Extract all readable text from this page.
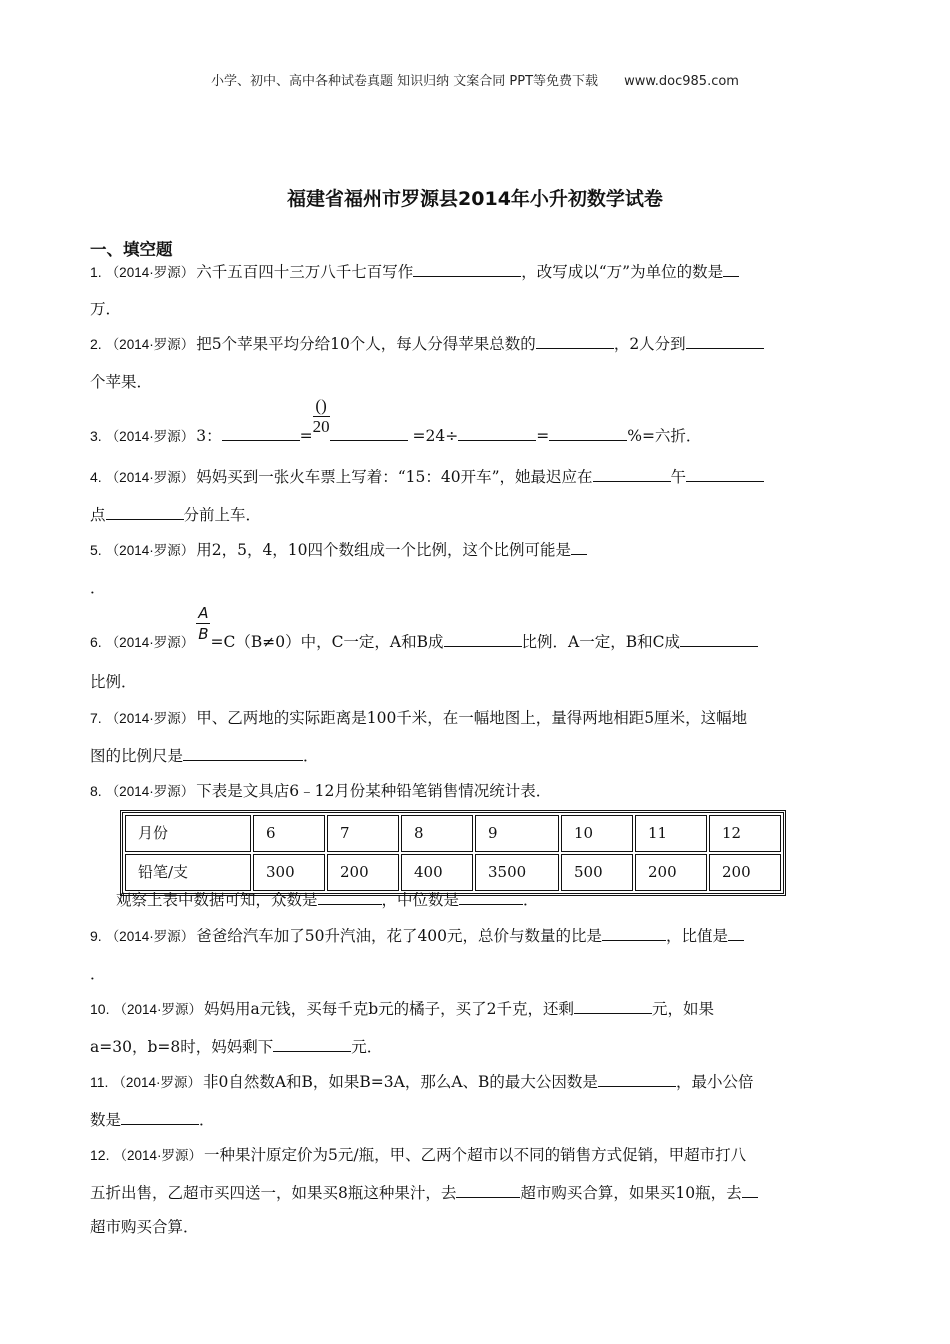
小学、初中、高中各种试卷真题 知识归纳 文案合同 PPT等免费下载 www.doc985.com
福建省福州市罗源县2014年小升初数学试卷
一、填空题
1. （2014·罗源） 六千五百四十三万八千七百写作	，改写成以“万”为单位的数是
万．
2. （2014·罗源） 把5个苹果平均分给10个人，每人分得苹果总数的	，2人分到
个苹果．
3. （2014·罗源） 3：	= $\frac{()}{20}$	=24÷	=	%=六折．
4. （2014·罗源） 妈妈买到一张火车票上写着：“15：40开车”，她最迟应在	午
点	分前上车．
5. （2014·罗源） 用2，5，4，10四个数组成一个比例，这个比例可能是
．
6. （2014·罗源） $\frac{A}{B} =C(B\ne 0)$中，C一定，A和B成	比例．A一定，B和C成
比例．
7. （2014·罗源） 甲、乙两地的实际距离是100千米，在一幅地图上，量得两地相距5厘米，这幅地
图的比例尺是	．
8. （2014·罗源） 下表是文具店6﹣12月份某种铅笔销售情况统计表．
月份	6	7	8	9	10	11	12
铅笔/支	300	200	400	3500	500	200	200
观察上表中数据可知，众数是	，中位数是	．
9. （2014·罗源） 爸爸给汽车加了50升汽油，花了400元，总价与数量的比是	，比值是
．
10. （2014·罗源） 妈妈用a元钱，买每千克b元的橘子，买了2千克，还剩	元，如果
a=30，b=8时，妈妈剩下	元．
11. （2014·罗源） 非0自然数A和B，如果B=3A，那么A、B的最大公因数是	，最小公倍
数是	．
12. （2014·罗源） 一种果汁原定价为5元/瓶，甲、乙两个超市以不同的销售方式促销，甲超市打八
五折出售，乙超市买四送一，如果买8瓶这种果汁，去	超市购买合算，如果买10瓶，去
超市购买合算．
